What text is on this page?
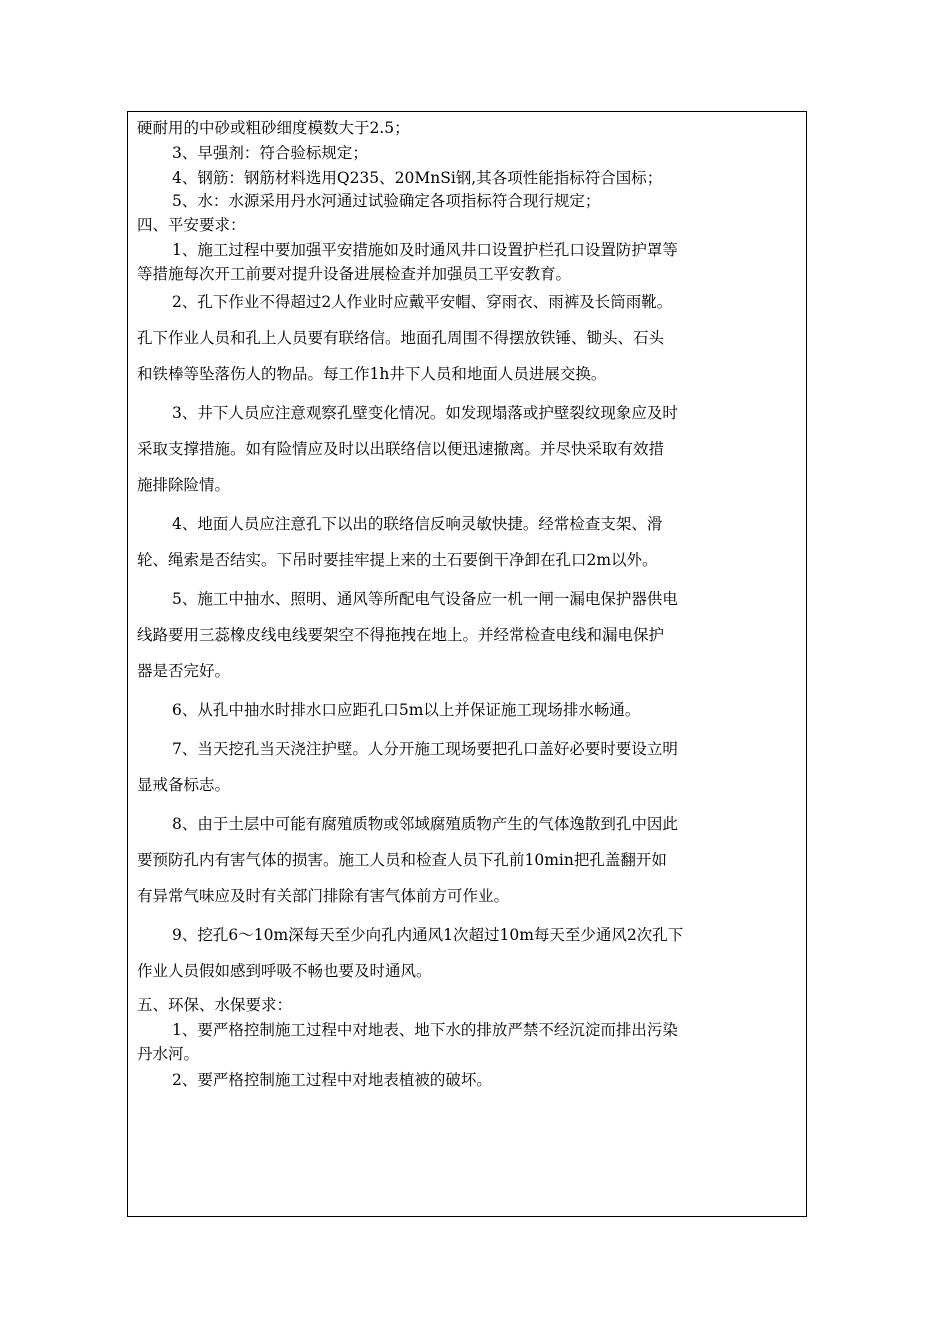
硬耐用的中砂或粗砂细度模数大于2.5；
3、早强剂：符合验标规定；
4、钢筋：钢筋材料选用Q235、20MnSi钢,其各项性能指标符合国标；
5、水：水源采用丹水河通过试验确定各项指标符合现行规定；
四、平安要求：
1、施工过程中要加强平安措施如及时通风井口设置护栏孔口设置防护罩等
等措施每次开工前要对提升设备进展检查并加强员工平安教育。
2、孔下作业不得超过2人作业时应戴平安帽、穿雨衣、雨裤及长筒雨靴。
孔下作业人员和孔上人员要有联络信。地面孔周围不得摆放铁锤、锄头、石头
和铁棒等坠落伤人的物品。每工作1h井下人员和地面人员进展交换。
3、井下人员应注意观察孔壁变化情况。如发现塌落或护壁裂纹现象应及时
采取支撑措施。如有险情应及时以出联络信以便迅速撤离。并尽快采取有效措
施排除险情。
4、地面人员应注意孔下以出的联络信反响灵敏快捷。经常检查支架、滑
轮、绳索是否结实。下吊时要挂牢提上来的土石要倒干净卸在孔口2m以外。
5、施工中抽水、照明、通风等所配电气设备应一机一闸一漏电保护器供电
线路要用三蕊橡皮线电线要架空不得拖拽在地上。并经常检查电线和漏电保护
器是否完好。
6、从孔中抽水时排水口应距孔口5m以上并保证施工现场排水畅通。
7、当天挖孔当天浇注护壁。人分开施工现场要把孔口盖好必要时要设立明
显戒备标志。
8、由于土层中可能有腐殖质物或邻域腐殖质物产生的气体逸散到孔中因此
要预防孔内有害气体的损害。施工人员和检查人员下孔前10min把孔盖翻开如
有异常气味应及时有关部门排除有害气体前方可作业。
9、挖孔6～10m深每天至少向孔内通风1次超过10m每天至少通风2次孔下
作业人员假如感到呼吸不畅也要及时通风。
五、环保、水保要求：
1、要严格控制施工过程中对地表、地下水的排放严禁不经沉淀而排出污染
丹水河。
2、要严格控制施工过程中对地表植被的破坏。
